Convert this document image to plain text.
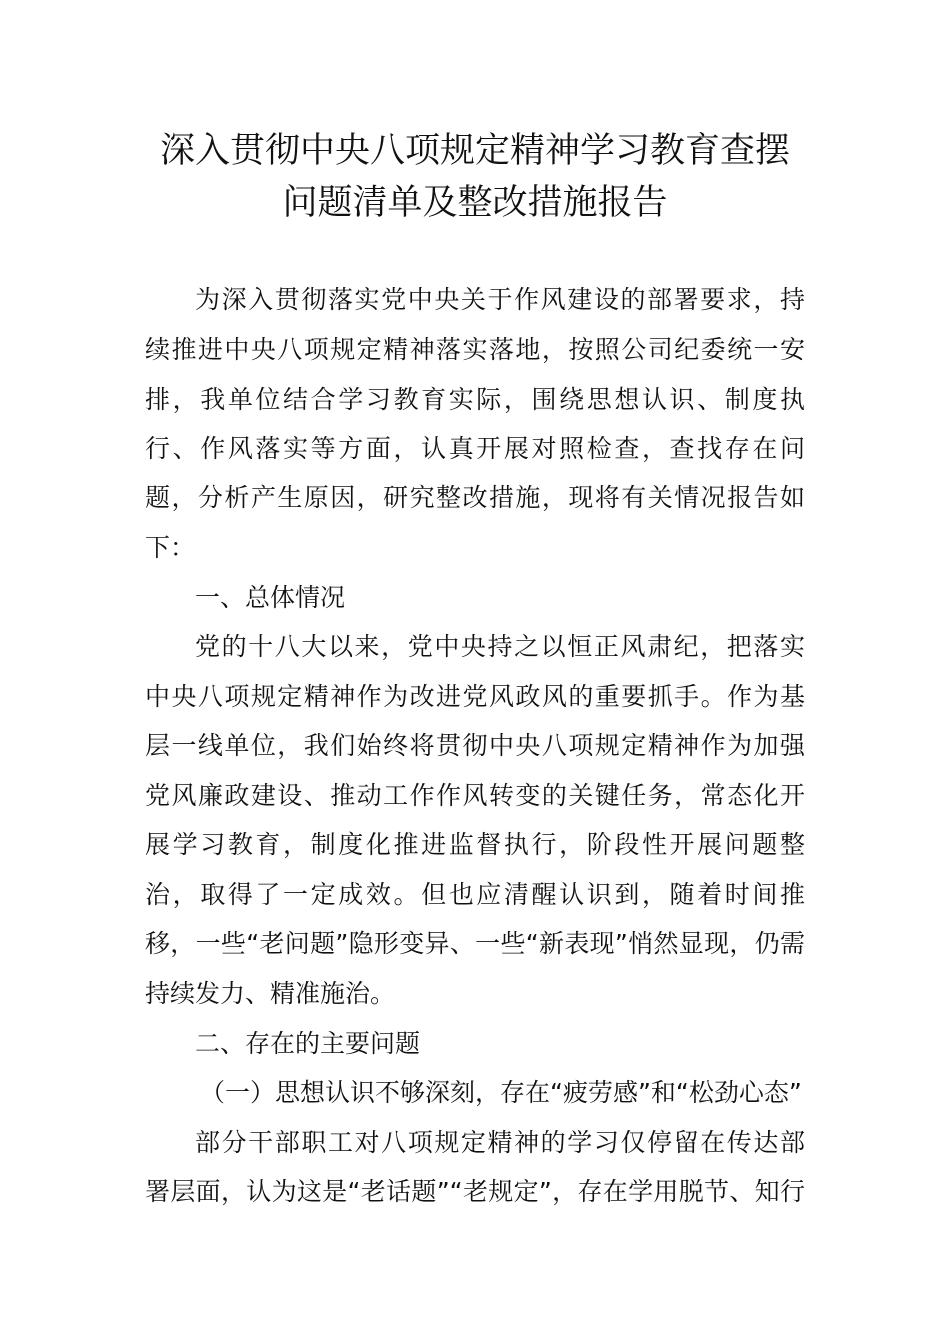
深入贯彻中央八项规定精神学习教育查摆
问题清单及整改措施报告
为深入贯彻落实党中央关于作风建设的部署要求，持
续推进中央八项规定精神落实落地，按照公司纪委统一安
排，我单位结合学习教育实际，围绕思想认识、制度执
行、作风落实等方面，认真开展对照检查，查找存在问
题，分析产生原因，研究整改措施，现将有关情况报告如
下：
一、总体情况
党的十八大以来，党中央持之以恒正风肃纪，把落实
中央八项规定精神作为改进党风政风的重要抓手。作为基
层一线单位，我们始终将贯彻中央八项规定精神作为加强
党风廉政建设、推动工作作风转变的关键任务，常态化开
展学习教育，制度化推进监督执行，阶段性开展问题整
治，取得了一定成效。但也应清醒认识到，随着时间推
移，一些“老问题”隐形变异、一些“新表现”悄然显现，仍需
持续发力、精准施治。
二、存在的主要问题
（一）思想认识不够深刻，存在“疲劳感”和“松劲心态”
部分干部职工对八项规定精神的学习仅停留在传达部
署层面，认为这是“老话题”“老规定”，存在学用脱节、知行
